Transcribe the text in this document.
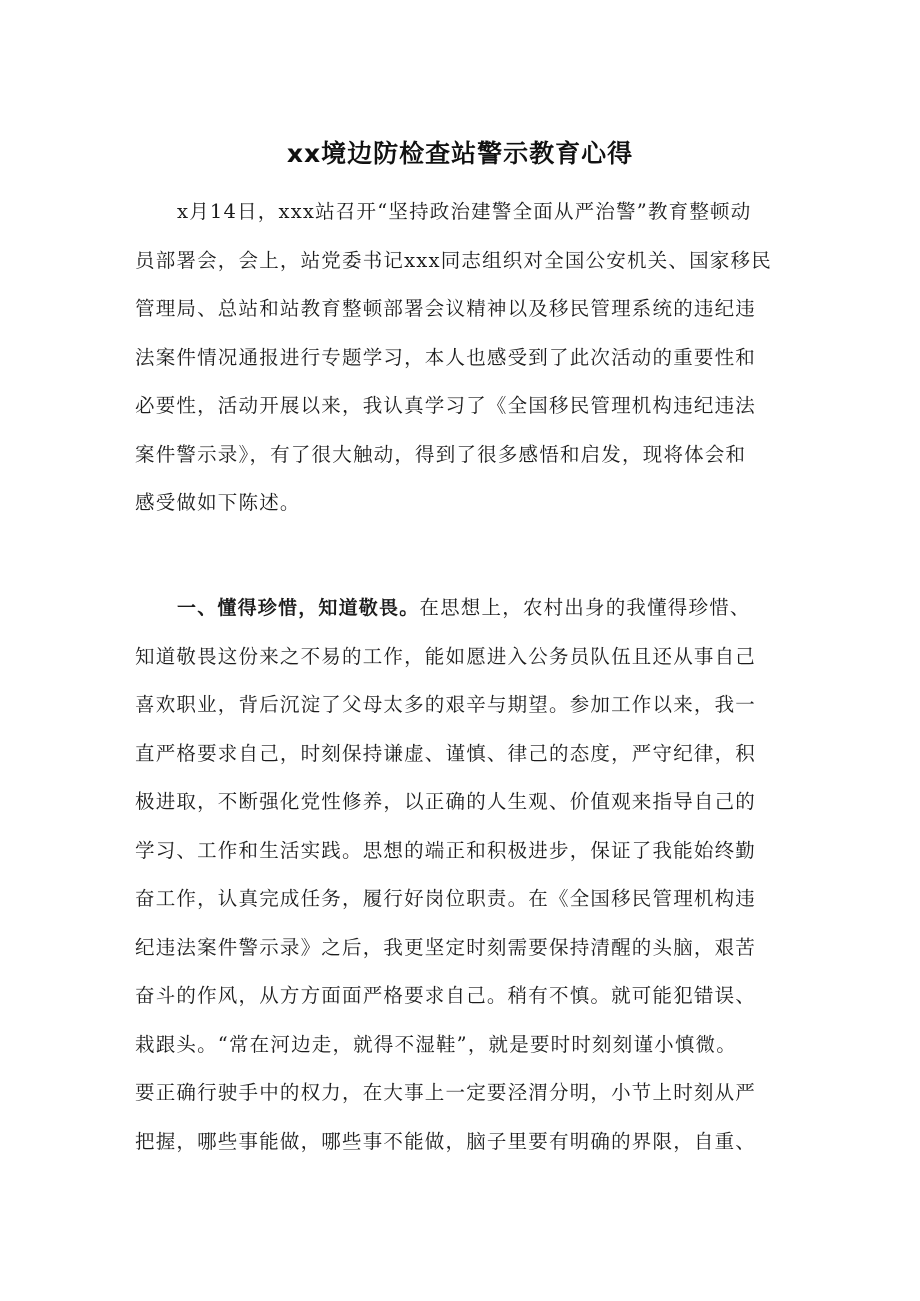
xx境边防检查站警示教育心得
x月14日，xxx站召开“坚持政治建警全面从严治警”教育整顿动
员部署会，会上，站党委书记xxx同志组织对全国公安机关、国家移民
管理局、总站和站教育整顿部署会议精神以及移民管理系统的违纪违
法案件情况通报进行专题学习，本人也感受到了此次活动的重要性和
必要性，活动开展以来，我认真学习了《全国移民管理机构违纪违法
案件警示录》，有了很大触动，得到了很多感悟和启发，现将体会和
感受做如下陈述。
一、懂得珍惜，知道敬畏。在思想上，农村出身的我懂得珍惜、
知道敬畏这份来之不易的工作，能如愿进入公务员队伍且还从事自己
喜欢职业，背后沉淀了父母太多的艰辛与期望。参加工作以来，我一
直严格要求自己，时刻保持谦虚、谨慎、律己的态度，严守纪律，积
极进取，不断强化党性修养，以正确的人生观、价值观来指导自己的
学习、工作和生活实践。思想的端正和积极进步，保证了我能始终勤
奋工作，认真完成任务，履行好岗位职责。在《全国移民管理机构违
纪违法案件警示录》之后，我更坚定时刻需要保持清醒的头脑，艰苦
奋斗的作风，从方方面面严格要求自己。稍有不慎。就可能犯错误、
栽跟头。“常在河边走，就得不湿鞋”，就是要时时刻刻谨小慎微。
要正确行驶手中的权力，在大事上一定要泾渭分明，小节上时刻从严
把握，哪些事能做，哪些事不能做，脑子里要有明确的界限，自重、
